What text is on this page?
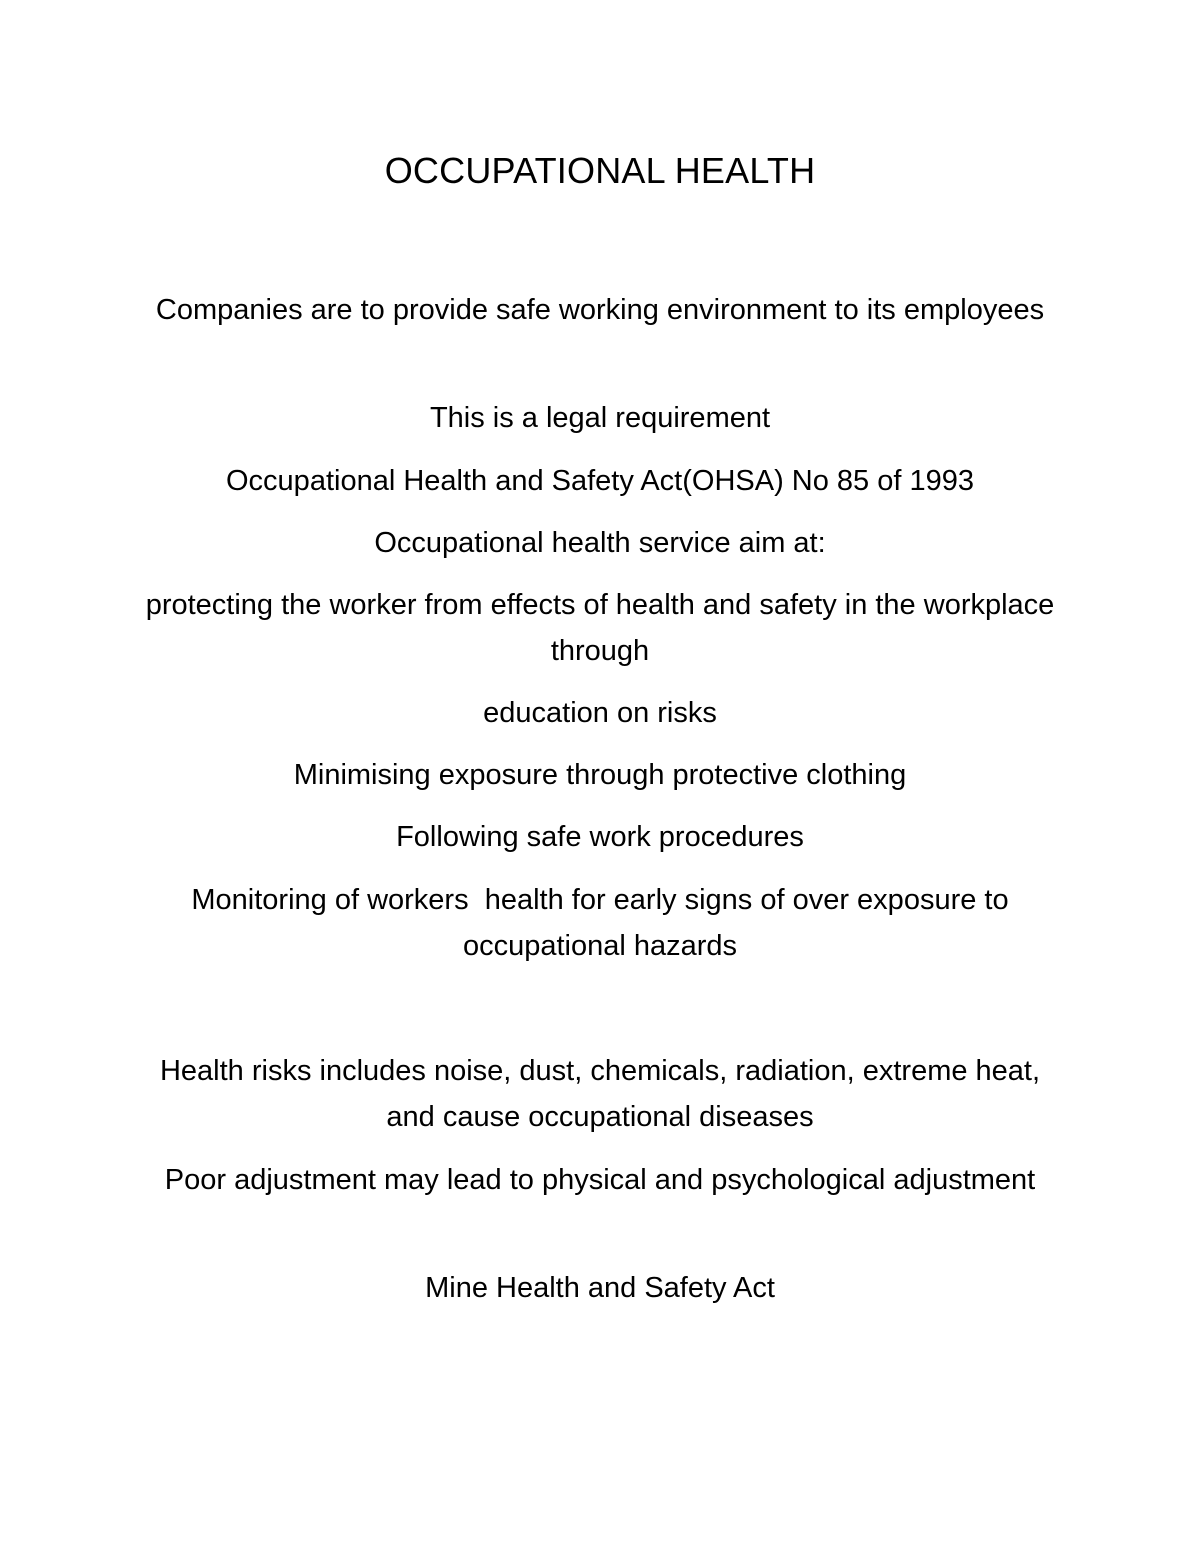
OCCUPATIONAL HEALTH

Companies are to provide safe working environment to its employees

This is a legal requirement

Occupational Health and Safety Act(OHSA) No 85 of 1993

Occupational health service aim at:

protecting the worker from effects of health and safety in the workplace through

education on risks

Minimising exposure through protective clothing

Following safe work procedures

Monitoring of workers  health for early signs of over exposure to occupational hazards

Health risks includes noise, dust, chemicals, radiation, extreme heat, and cause occupational diseases

Poor adjustment may lead to physical and psychological adjustment

Mine Health and Safety Act
